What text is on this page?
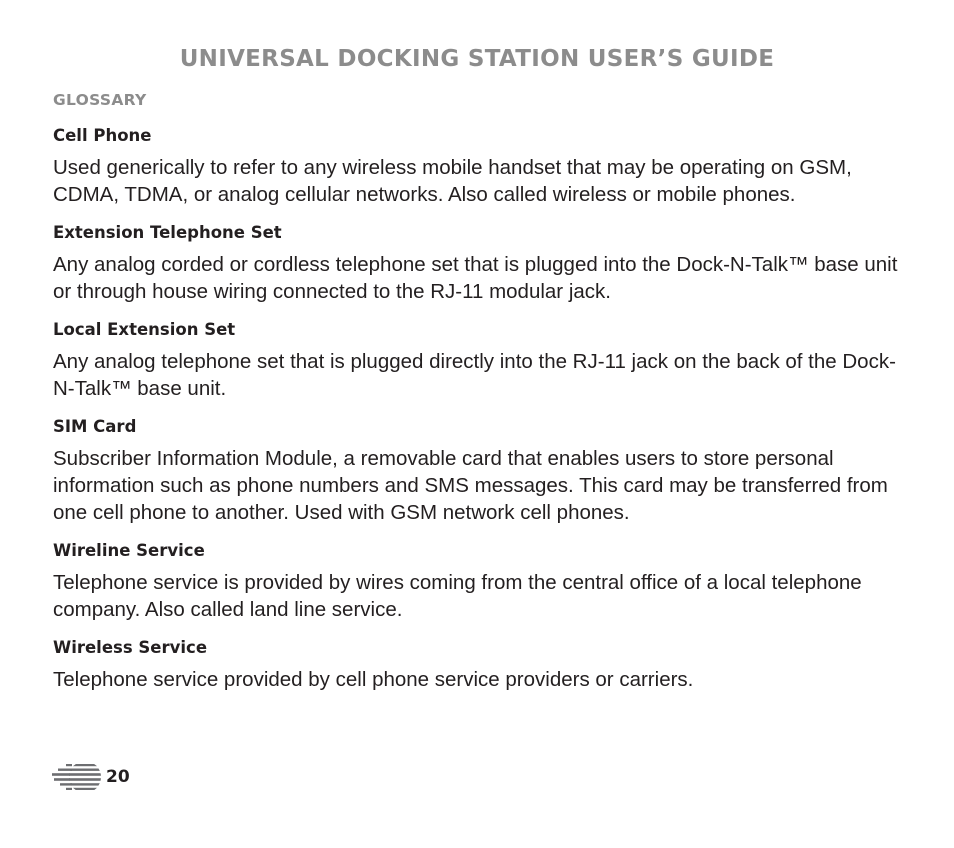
UNIVERSAL DOCKING STATION USER’S GUIDE
GLOSSARY
Cell Phone
Used generically to refer to any wireless mobile handset that may be operating on GSM, CDMA, TDMA, or analog cellular networks. Also called wireless or mobile phones.
Extension Telephone Set
Any analog corded or cordless telephone set that is plugged into the Dock-N-Talk™ base unit or through house wiring connected to the RJ-11 modular jack.
Local Extension Set
Any analog telephone set that is plugged directly into the RJ-11 jack on the back of the Dock-N-Talk™ base unit.
SIM Card
Subscriber Information Module, a removable card that enables users to store personal information such as phone numbers and SMS messages. This card may be transferred from one cell phone to another. Used with GSM network cell phones.
Wireline Service
Telephone service is provided by wires coming from the central office of a local telephone company. Also called land line service.
Wireless Service
Telephone service provided by cell phone service providers or carriers.
20
